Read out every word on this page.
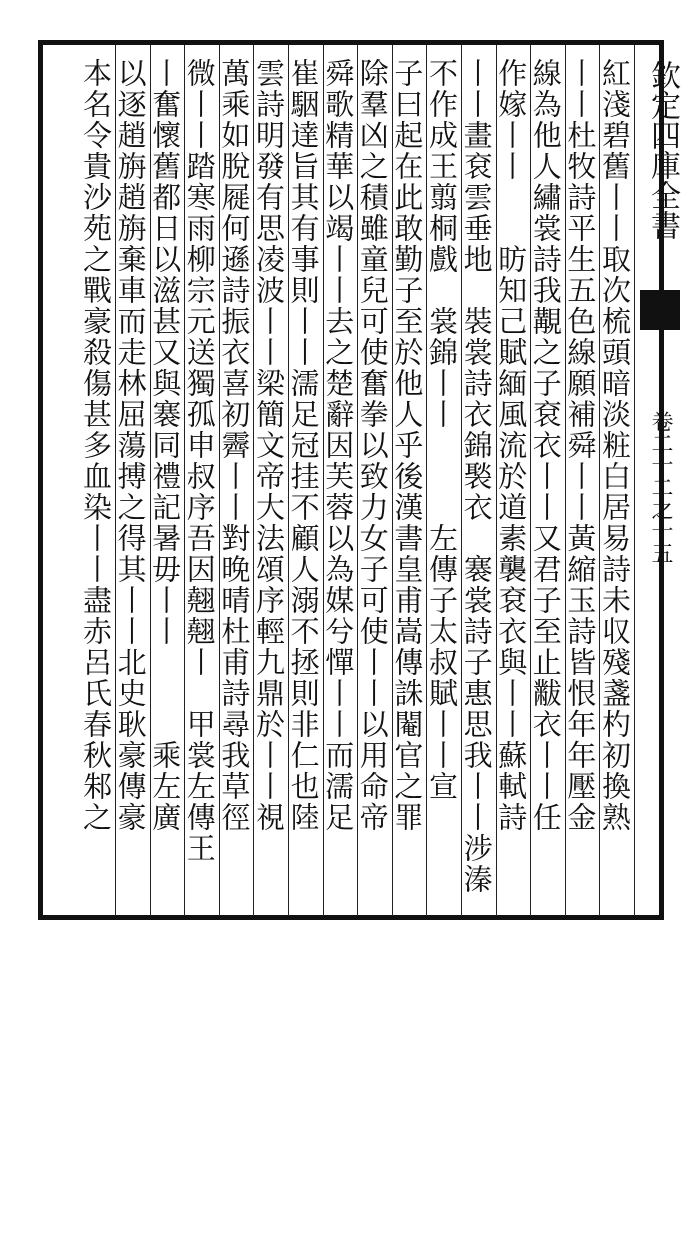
欽定四庫全書
卷二十二之十五
紅淺碧舊丨丨取次梳頭暗淡粧白居易詩未収殘盞杓初換熟
丨丨杜牧詩平生五色線願補舜丨丨黃縮玉詩皆恨年年壓金
線為他人繡裳詩我覯之子袞衣丨丨又君子至止黻衣丨丨任
作嫁丨丨　　昉知己賦緬風流於道素襲袞衣與丨丨蘇軾詩
丨丨畫袞雲垂地　裝裳詩衣錦褧衣　褰裳詩子惠思我丨丨涉溱
不作成王翦桐戲　裳錦丨丨　　　左傳子太叔賦丨丨宣
子曰起在此敢勤子至於他人乎後漢書皇甫嵩傳誅閹官之罪
除羣凶之積雖童兒可使奮拳以致力女子可使丨丨以用命帝
舜歌精華以竭丨丨去之楚辭因芙蓉以為媒兮憚丨丨而濡足
崔駰達旨其有事則丨丨濡足冠挂不顧人溺不拯則非仁也陸
雲詩明發有思凌波丨丨梁簡文帝大法頌序輕九鼎於丨丨視
萬乘如脫屣何遜詩振衣喜初霽丨丨對晚晴杜甫詩尋我草徑
微丨丨踏寒雨柳宗元送獨孤申叔序吾因翹翹丨　甲裳左傳王
丨奮懷舊都日以滋甚又與褰同禮記暑毋丨丨　　　乘左廣
以逐趙旃趙旃棄車而走林屈蕩搏之得其丨丨北史耿豪傳豪
本名令貴沙苑之戰豪殺傷甚多血染丨丨盡赤呂氏春秋邾之
